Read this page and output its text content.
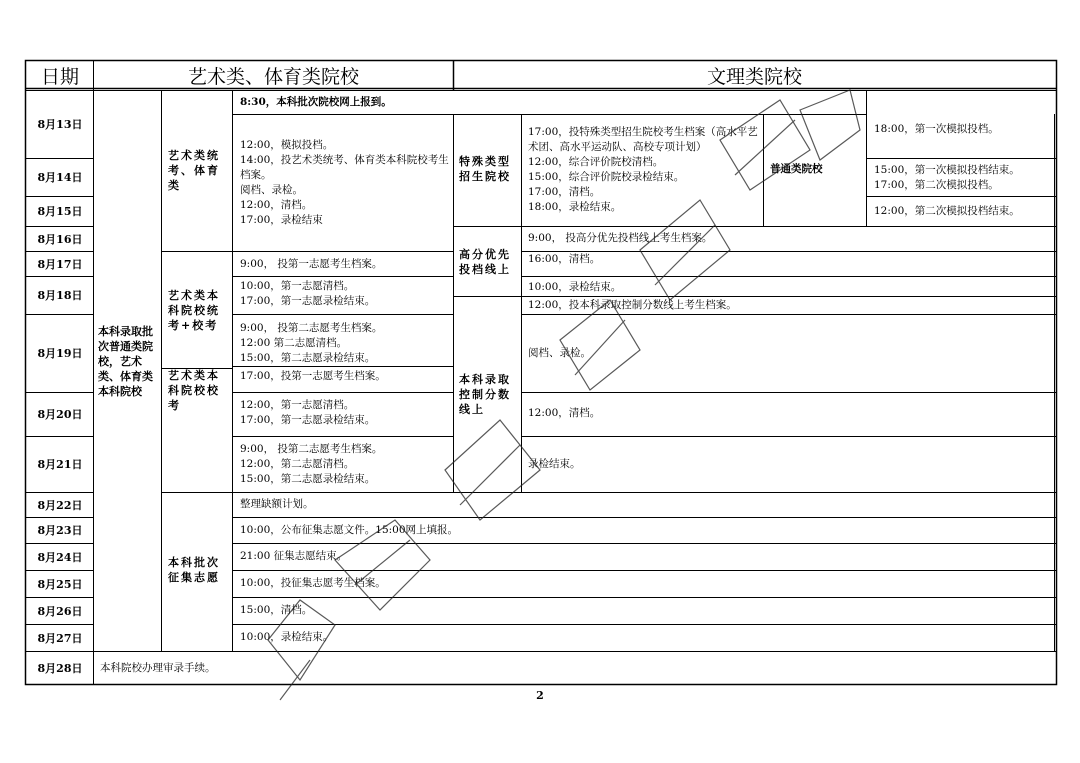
日期	艺术类、体育类院校	文理类院校
8月13日
8月14日
8月15日
8月16日
8月17日
8月18日
8月19日
8月20日
8月21日
8月22日
8月23日
8月24日
8月25日
8月26日
8月27日
8月28日
本科录取批次普通类院校，艺术类、体育类本科院校
艺术类统考、体育类
艺术类本科院校统考+校考
艺术类本科院校校考
本科批次征集志愿
8:30，本科批次院校网上报到。
12:00，模拟投档。
14:00，投艺术类统考、体育类本科院校考生档案。
阅档、录检。
12:00，清档。
17:00，录检结束
9:00， 投第一志愿考生档案。
10:00，第一志愿清档。
17:00，第一志愿录检结束。
9:00， 投第二志愿考生档案。
12:00 第二志愿清档。
15:00，第二志愿录检结束。
17:00，投第一志愿考生档案。
12:00，第一志愿清档。
17:00，第一志愿录检结束。
9:00， 投第二志愿考生档案。
12:00，第二志愿清档。
15:00，第二志愿录检结束。
整理缺额计划。
10:00，公布征集志愿文件。15:00网上填报。
21:00 征集志愿结束。
10:00，投征集志愿考生档案。
15:00，清档。
10:00，录检结束。
本科院校办理审录手续。
特殊类型招生院校
17:00，投特殊类型招生院校考生档案（高水平艺术团、高水平运动队、高校专项计划）
12:00，综合评价院校清档。
15:00，综合评价院校录检结束。
17:00，清档。
18:00，录检结束。
普通类院校
18:00，第一次模拟投档。
15:00，第一次模拟投档结束。
17:00，第二次模拟投档。
12:00，第二次模拟投档结束。
高分优先投档线上
9:00， 投高分优先投档线上考生档案。
16:00，清档。
10:00，录检结束。
本科录取控制分数线上
12:00，投本科录取控制分数线上考生档案。
阅档、录检。
12:00，清档。
录检结束。
2
